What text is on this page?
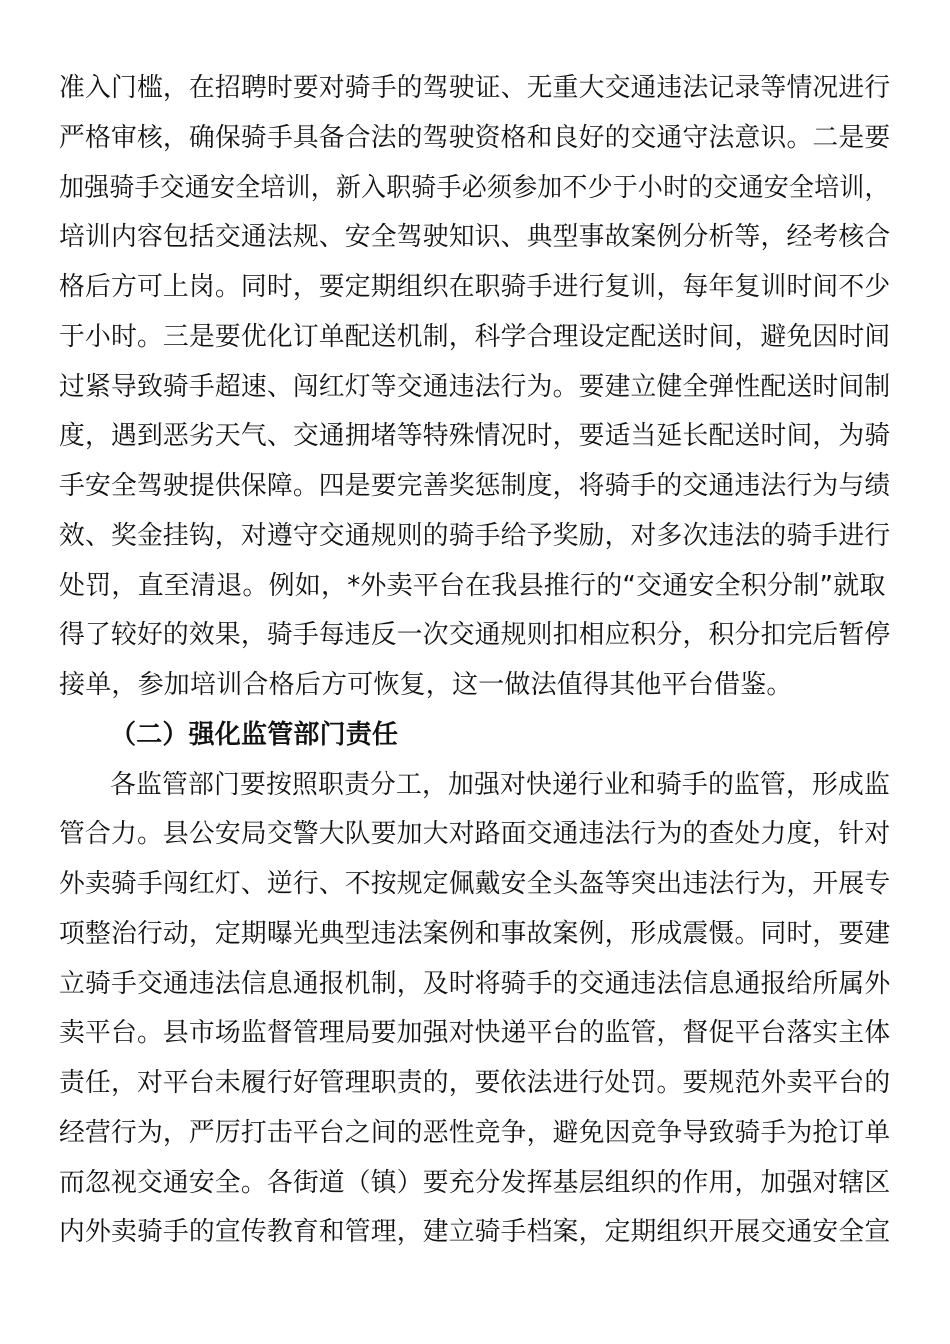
准入门槛，在招聘时要对骑手的驾驶证、无重大交通违法记录等情况进行
严格审核，确保骑手具备合法的驾驶资格和良好的交通守法意识。二是要
加强骑手交通安全培训，新入职骑手必须参加不少于小时的交通安全培训，
培训内容包括交通法规、安全驾驶知识、典型事故案例分析等，经考核合
格后方可上岗。同时，要定期组织在职骑手进行复训，每年复训时间不少
于小时。三是要优化订单配送机制，科学合理设定配送时间，避免因时间
过紧导致骑手超速、闯红灯等交通违法行为。要建立健全弹性配送时间制
度，遇到恶劣天气、交通拥堵等特殊情况时，要适当延长配送时间，为骑
手安全驾驶提供保障。四是要完善奖惩制度，将骑手的交通违法行为与绩
效、奖金挂钩，对遵守交通规则的骑手给予奖励，对多次违法的骑手进行
处罚，直至清退。例如，*外卖平台在我县推行的“交通安全积分制”就取
得了较好的效果，骑手每违反一次交通规则扣相应积分，积分扣完后暂停
接单，参加培训合格后方可恢复，这一做法值得其他平台借鉴。
（二）强化监管部门责任
各监管部门要按照职责分工，加强对快递行业和骑手的监管，形成监
管合力。县公安局交警大队要加大对路面交通违法行为的查处力度，针对
外卖骑手闯红灯、逆行、不按规定佩戴安全头盔等突出违法行为，开展专
项整治行动，定期曝光典型违法案例和事故案例，形成震慑。同时，要建
立骑手交通违法信息通报机制，及时将骑手的交通违法信息通报给所属外
卖平台。县市场监督管理局要加强对快递平台的监管，督促平台落实主体
责任，对平台未履行好管理职责的，要依法进行处罚。要规范外卖平台的
经营行为，严厉打击平台之间的恶性竞争，避免因竞争导致骑手为抢订单
而忽视交通安全。各街道（镇）要充分发挥基层组织的作用，加强对辖区
内外卖骑手的宣传教育和管理，建立骑手档案，定期组织开展交通安全宣
